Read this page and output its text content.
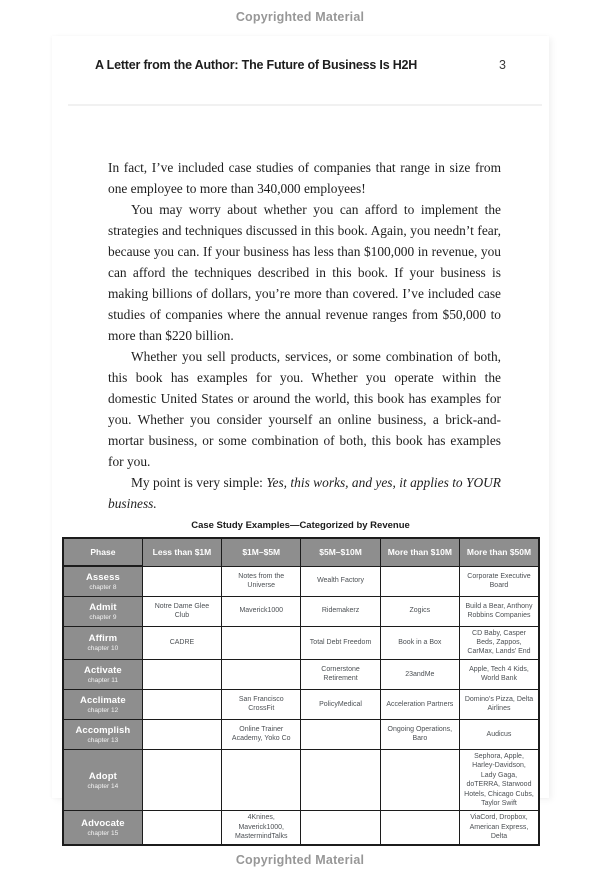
Copyrighted Material
A Letter from the Author: The Future of Business Is H2H	3

In fact, I’ve included case studies of companies that range in size from one employee to more than 340,000 employees!

You may worry about whether you can afford to implement the strategies and techniques discussed in this book. Again, you needn’t fear, because you can. If your business has less than $100,000 in revenue, you can afford the techniques described in this book. If your business is making billions of dollars, you’re more than covered. I’ve included case studies of companies where the annual revenue ranges from $50,000 to more than $220 billion.

Whether you sell products, services, or some combination of both, this book has examples for you. Whether you operate within the domestic United States or around the world, this book has examples for you. Whether you consider yourself an online business, a brick-and-mortar business, or some combination of both, this book has examples for you.

My point is very simple: Yes, this works, and yes, it applies to YOUR business.

Case Study Examples—Categorized by Revenue
Phase	Less than $1M	$1M–$5M	$5M–$10M	More than $10M	More than $50M

Assess
chapter 8		Notes from the Universe	Wealth Factory		Corporate Executive Board

Admit
chapter 9	Notre Dame Glee Club	Maverick1000	Ridemakerz	Zogics	Build a Bear, Anthony Robbins Companies

Affirm
chapter 10	CADRE		Total Debt Freedom	Book in a Box	CD Baby, Casper Beds, Zappos, CarMax, Lands’ End

Activate
chapter 11			Cornerstone Retirement	23andMe	Apple, Tech 4 Kids, World Bank

Acclimate
chapter 12		San Francisco CrossFit	PolicyMedical	Acceleration Partners	Domino’s Pizza, Delta Airlines

Accomplish
chapter 13		Online Trainer Academy, Yoko Co		Ongoing Operations, Baro	Audicus

Adopt
chapter 14					Sephora, Apple, Harley-Davidson, Lady Gaga, doTERRA, Starwood Hotels, Chicago Cubs, Taylor Swift

Advocate
chapter 15		4Knines, Maverick1000, MastermindTalks			ViaCord, Dropbox, American Express, Delta
Copyrighted Material
